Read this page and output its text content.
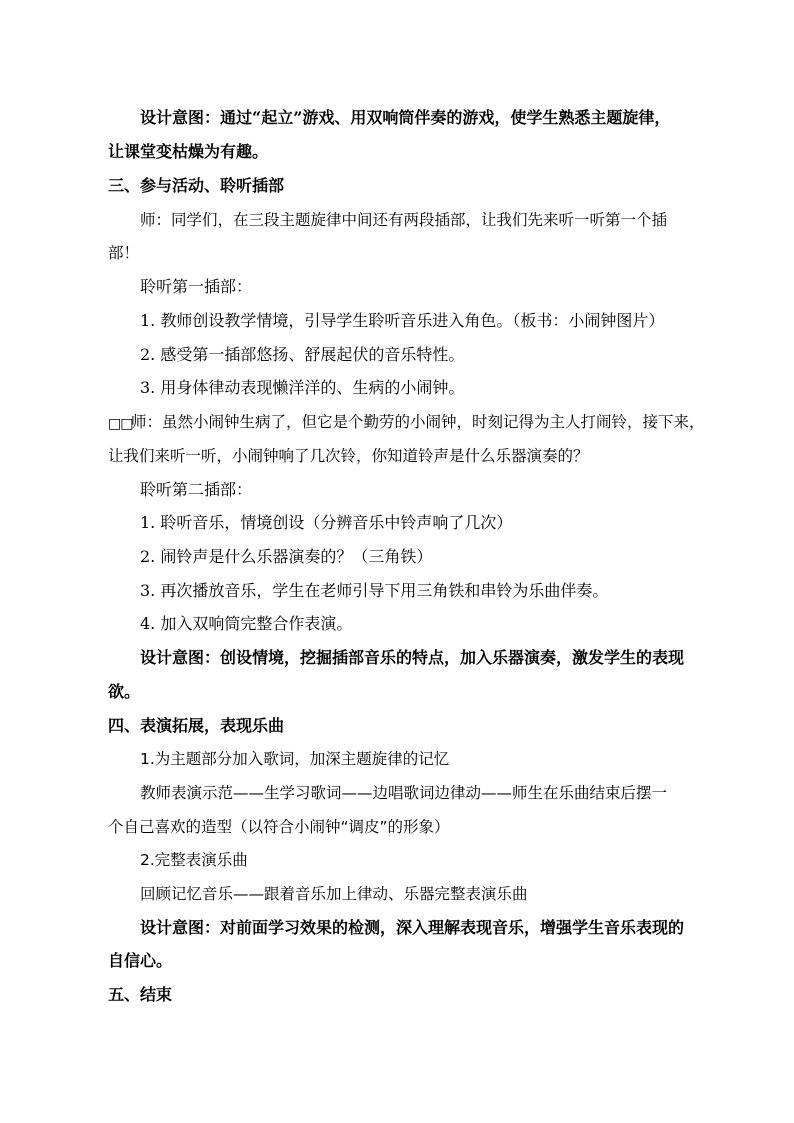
设计意图：通过“起立”游戏、用双响筒伴奏的游戏，使学生熟悉主题旋律，
让课堂变枯燥为有趣。
三、参与活动、聆听插部
师：同学们，在三段主题旋律中间还有两段插部，让我们先来听一听第一个插
部！
聆听第一插部：
1. 教师创设教学情境，引导学生聆听音乐进入角色。（板书：小闹钟图片）
2. 感受第一插部悠扬、舒展起伏的音乐特性。
3. 用身体律动表现懒洋洋的、生病的小闹钟。
□□
师：虽然小闹钟生病了，但它是个勤劳的小闹钟，时刻记得为主人打闹铃，接下来，
让我们来听一听，小闹钟响了几次铃，你知道铃声是什么乐器演奏的？
聆听第二插部：
1. 聆听音乐，情境创设（分辨音乐中铃声响了几次）
2. 闹铃声是什么乐器演奏的？（三角铁）
3. 再次播放音乐，学生在老师引导下用三角铁和串铃为乐曲伴奏。
4. 加入双响筒完整合作表演。
设计意图：创设情境，挖掘插部音乐的特点，加入乐器演奏，激发学生的表现
欲。
四、表演拓展，表现乐曲
1.为主题部分加入歌词，加深主题旋律的记忆
教师表演示范——生学习歌词——边唱歌词边律动——师生在乐曲结束后摆一
个自己喜欢的造型（以符合小闹钟“调皮”的形象）
2.完整表演乐曲
回顾记忆音乐——跟着音乐加上律动、乐器完整表演乐曲
设计意图：对前面学习效果的检测，深入理解表现音乐，增强学生音乐表现的
自信心。
五、结束
